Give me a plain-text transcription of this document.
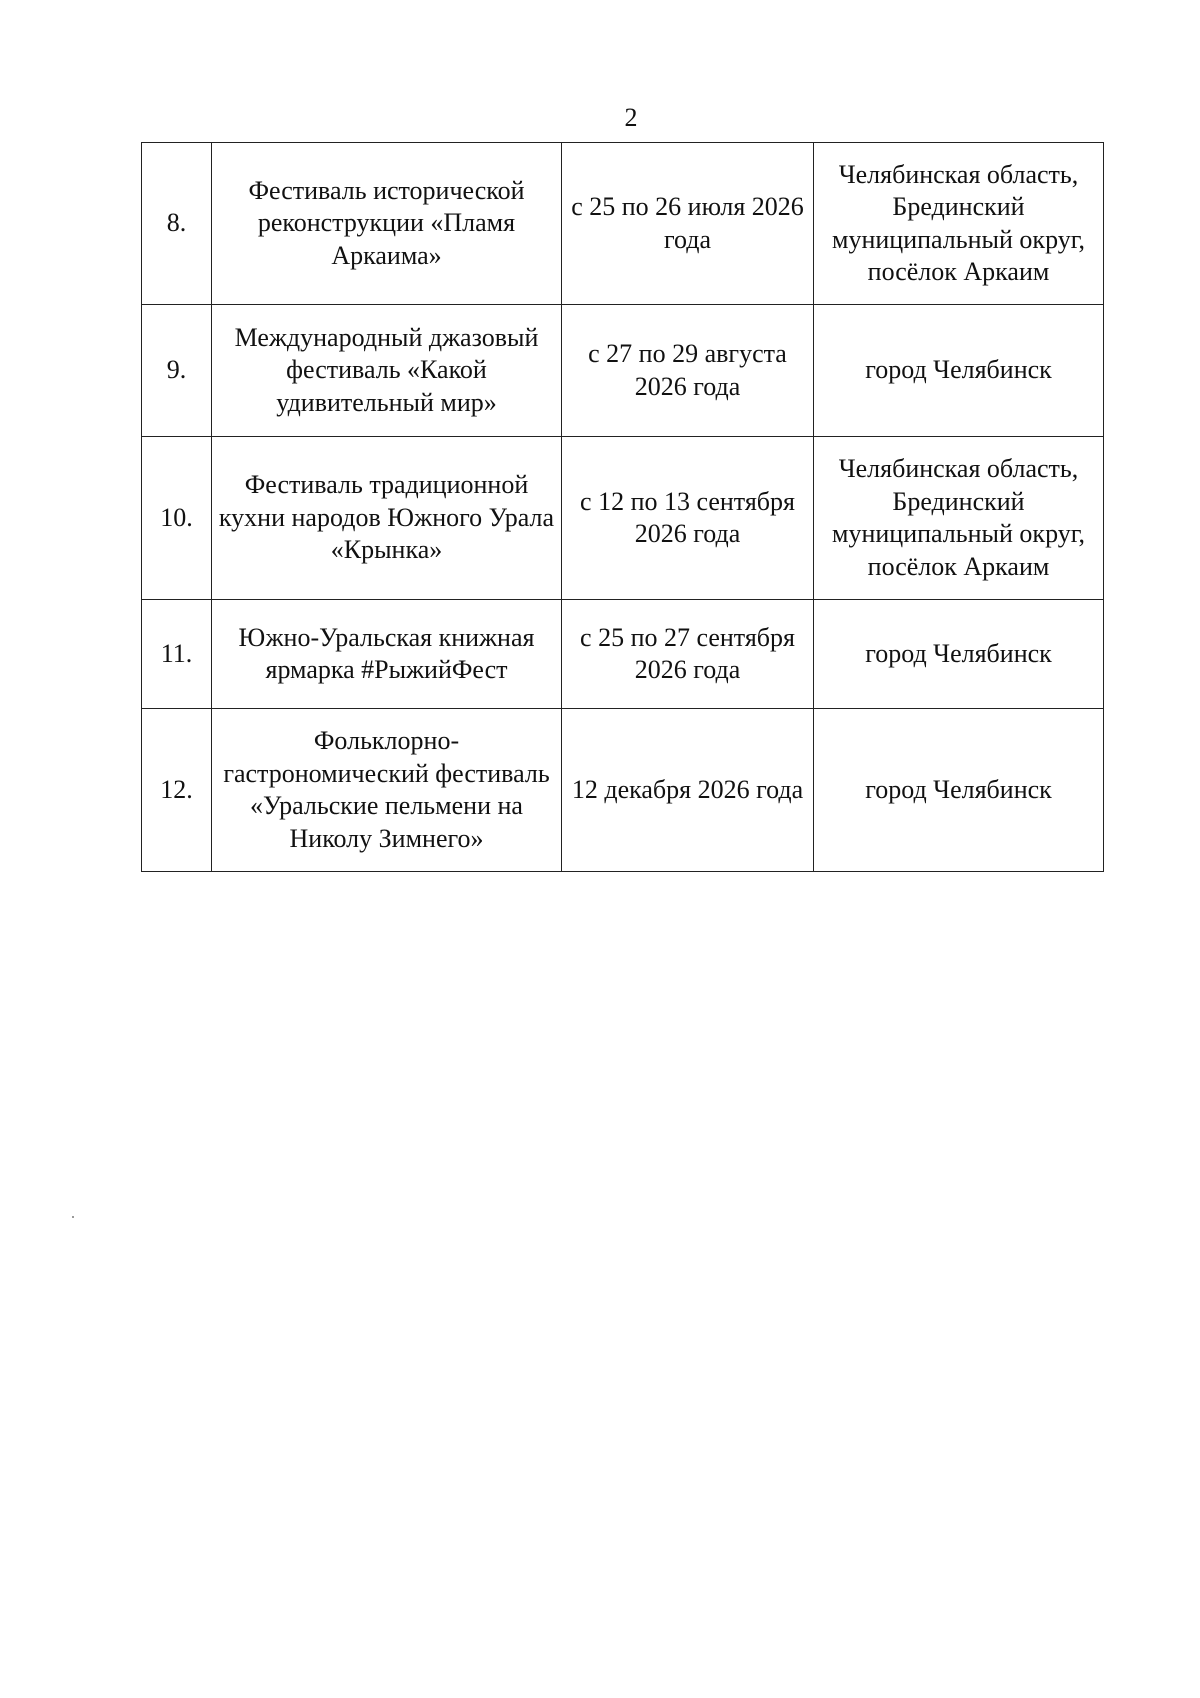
2
8.	Фестиваль исторической реконструкции «Пламя Аркаима»	с 25 по 26 июля 2026 года	Челябинская область, Брединский муниципальный округ, посёлок Аркаим
9.	Международный джазовый фестиваль «Какой удивительный мир»	с 27 по 29 августа 2026 года	город Челябинск
10.	Фестиваль традиционной кухни народов Южного Урала «Крынка»	с 12 по 13 сентября 2026 года	Челябинская область, Брединский муниципальный округ, посёлок Аркаим
11.	Южно-Уральская книжная ярмарка #РыжийФест	с 25 по 27 сентября 2026 года	город Челябинск
12.	Фольклорно-гастрономический фестиваль «Уральские пельмени на Николу Зимнего»	12 декабря 2026 года	город Челябинск
